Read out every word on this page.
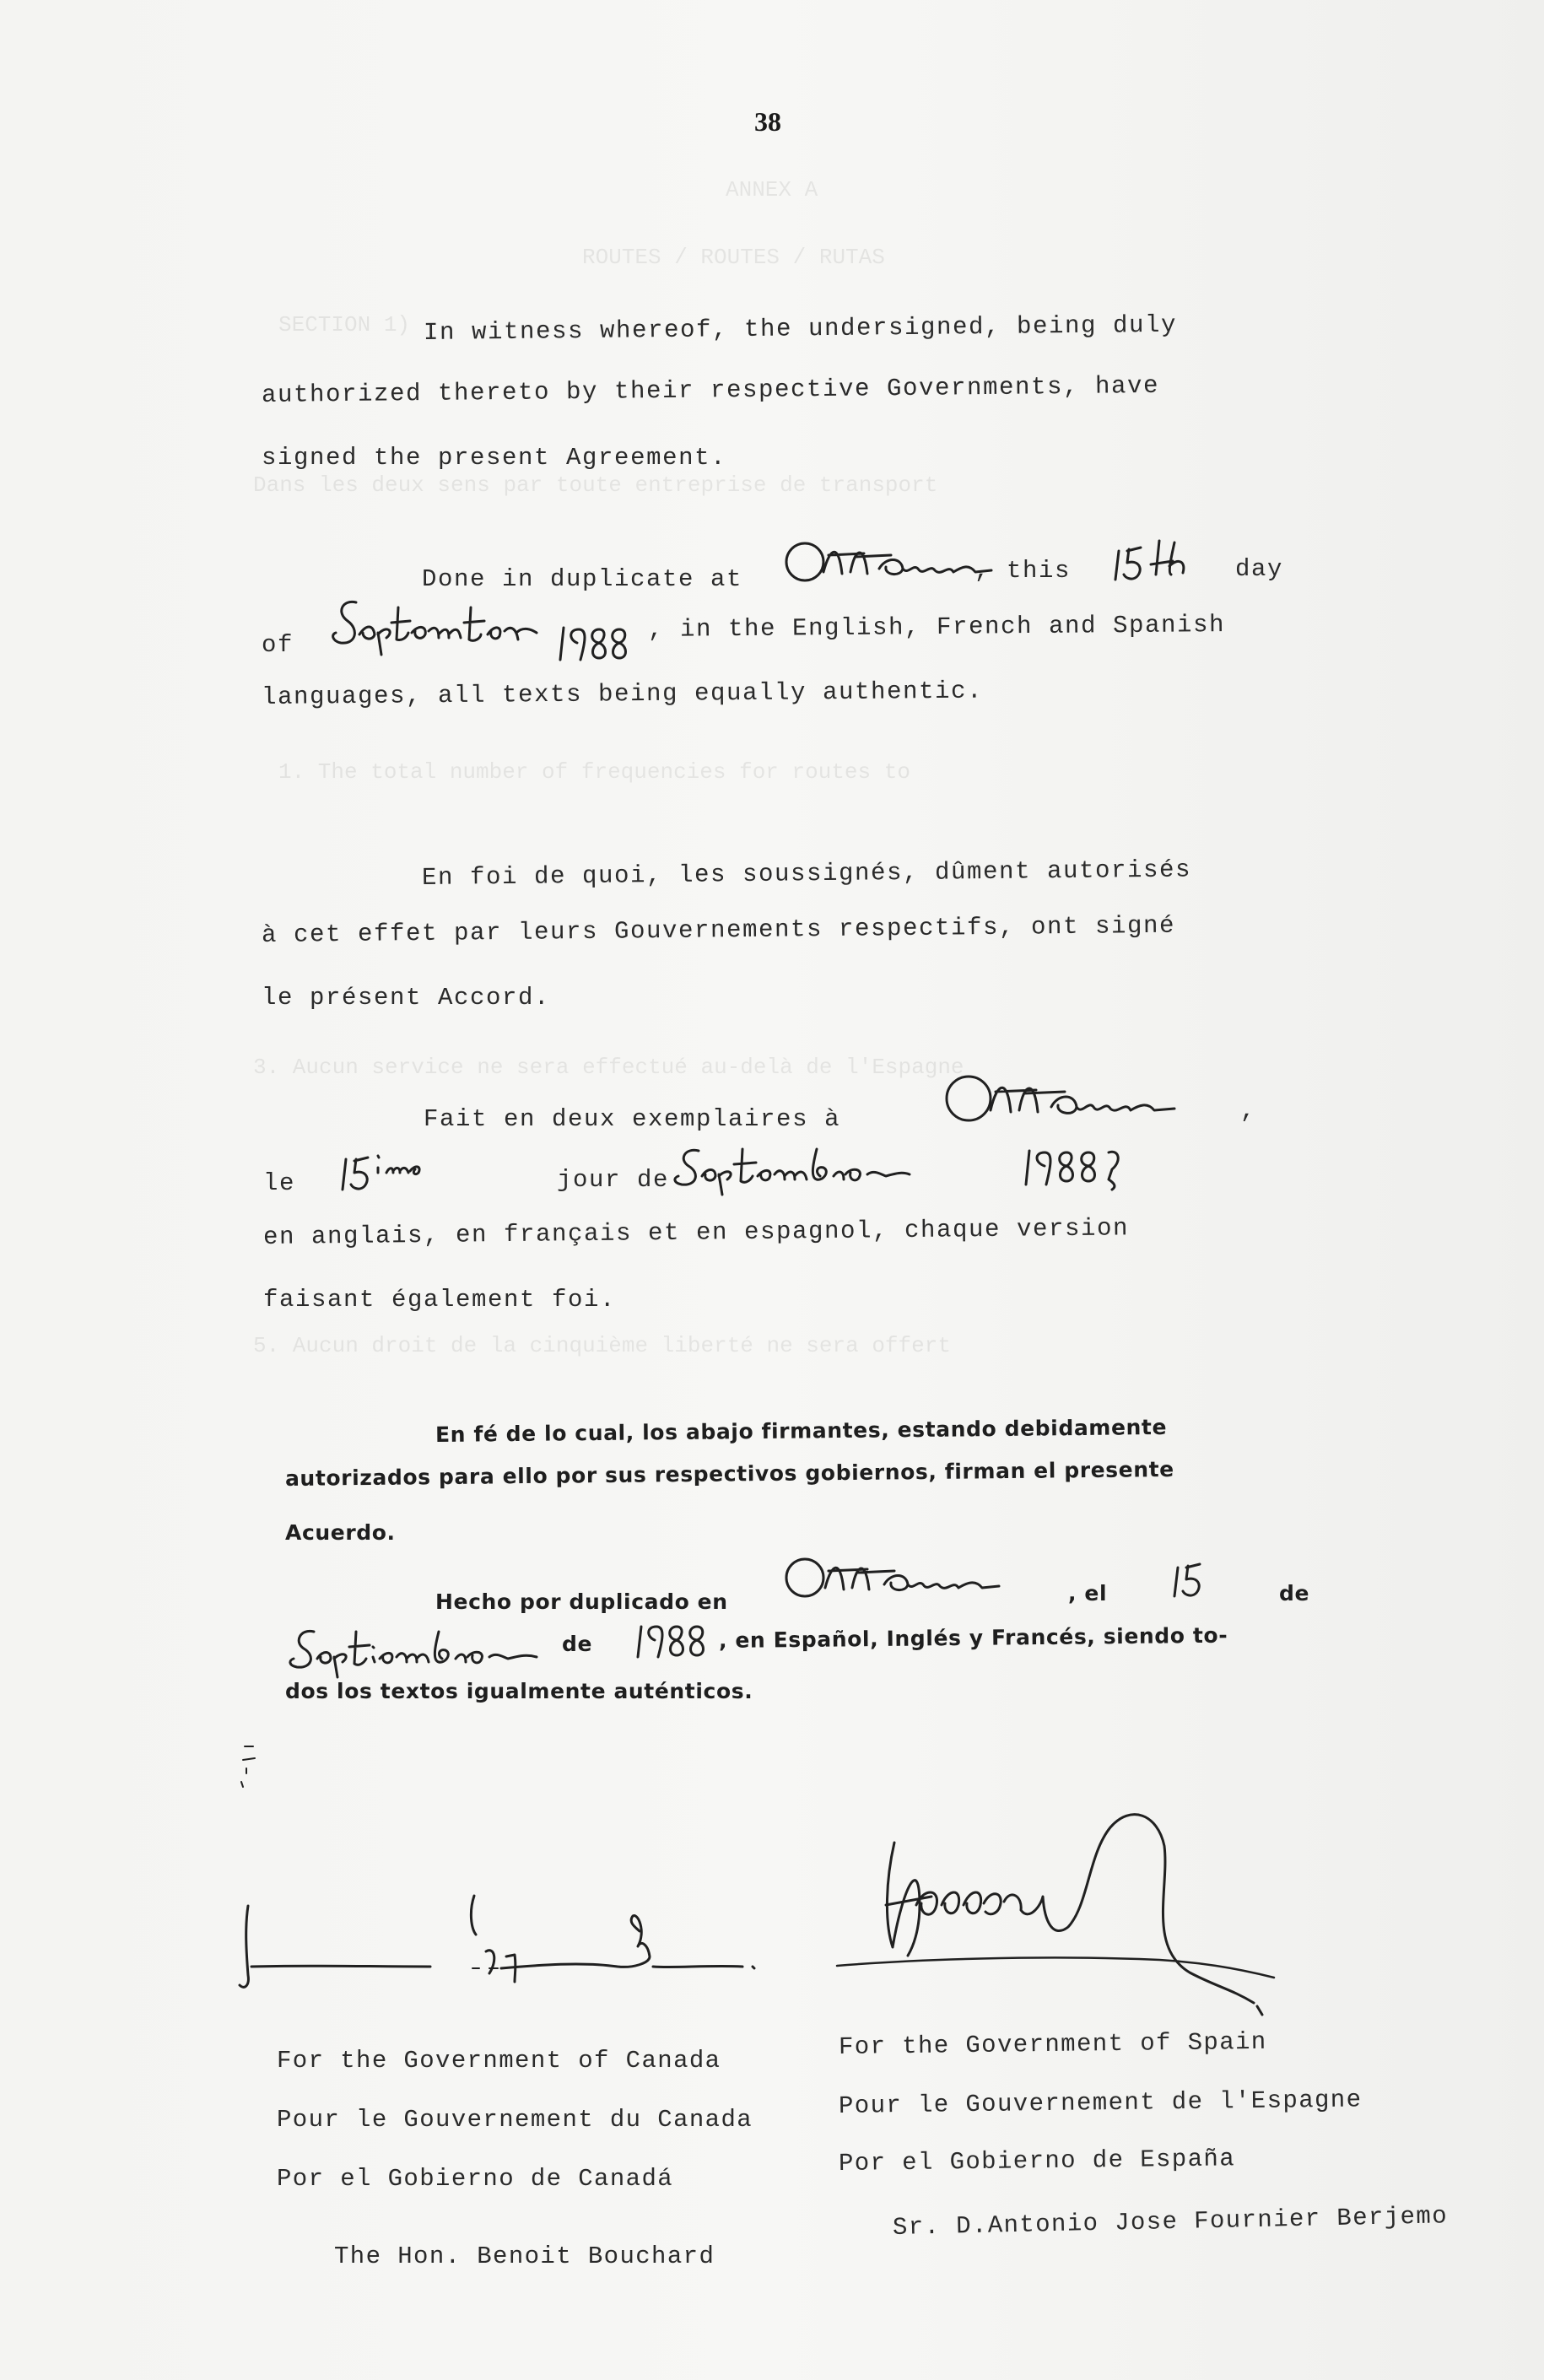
ANNEX A
ROUTES / ROUTES / RUTAS
SECTION 1)
Dans les deux sens par toute entreprise de transport
1. The total number of frequencies for routes to
3. Aucun service ne sera effectué au-delà de l'Espagne
5. Aucun droit de la cinquième liberté ne sera offert
38
In witness whereof, the undersigned, being duly
authorized thereto by their respective Governments, have
signed the present Agreement.
Done in duplicate at	, this	day
of
, in the English, French and Spanish
languages, all texts being equally authentic.
En foi de quoi, les soussignés, dûment autorisés
à cet effet par leurs Gouvernements respectifs, ont signé
le présent Accord.
Fait en deux exemplaires à	,
le	jour de
en anglais, en français et en espagnol, chaque version
faisant également foi.
En fé de lo cual, los abajo firmantes, estando debidamente
autorizados para ello por sus respectivos gobiernos, firman el presente
Acuerdo.
Hecho por duplicado en	, el	de
de	, en Español, Inglés y Francés, siendo to-
dos los textos igualmente auténticos.
For the Government of Canada
Pour le Gouvernement du Canada
Por el Gobierno de Canadá
The Hon. Benoit Bouchard
For the Government of Spain
Pour le Gouvernement de l'Espagne
Por el Gobierno de España
Sr. D.Antonio Jose Fournier Berjemo
